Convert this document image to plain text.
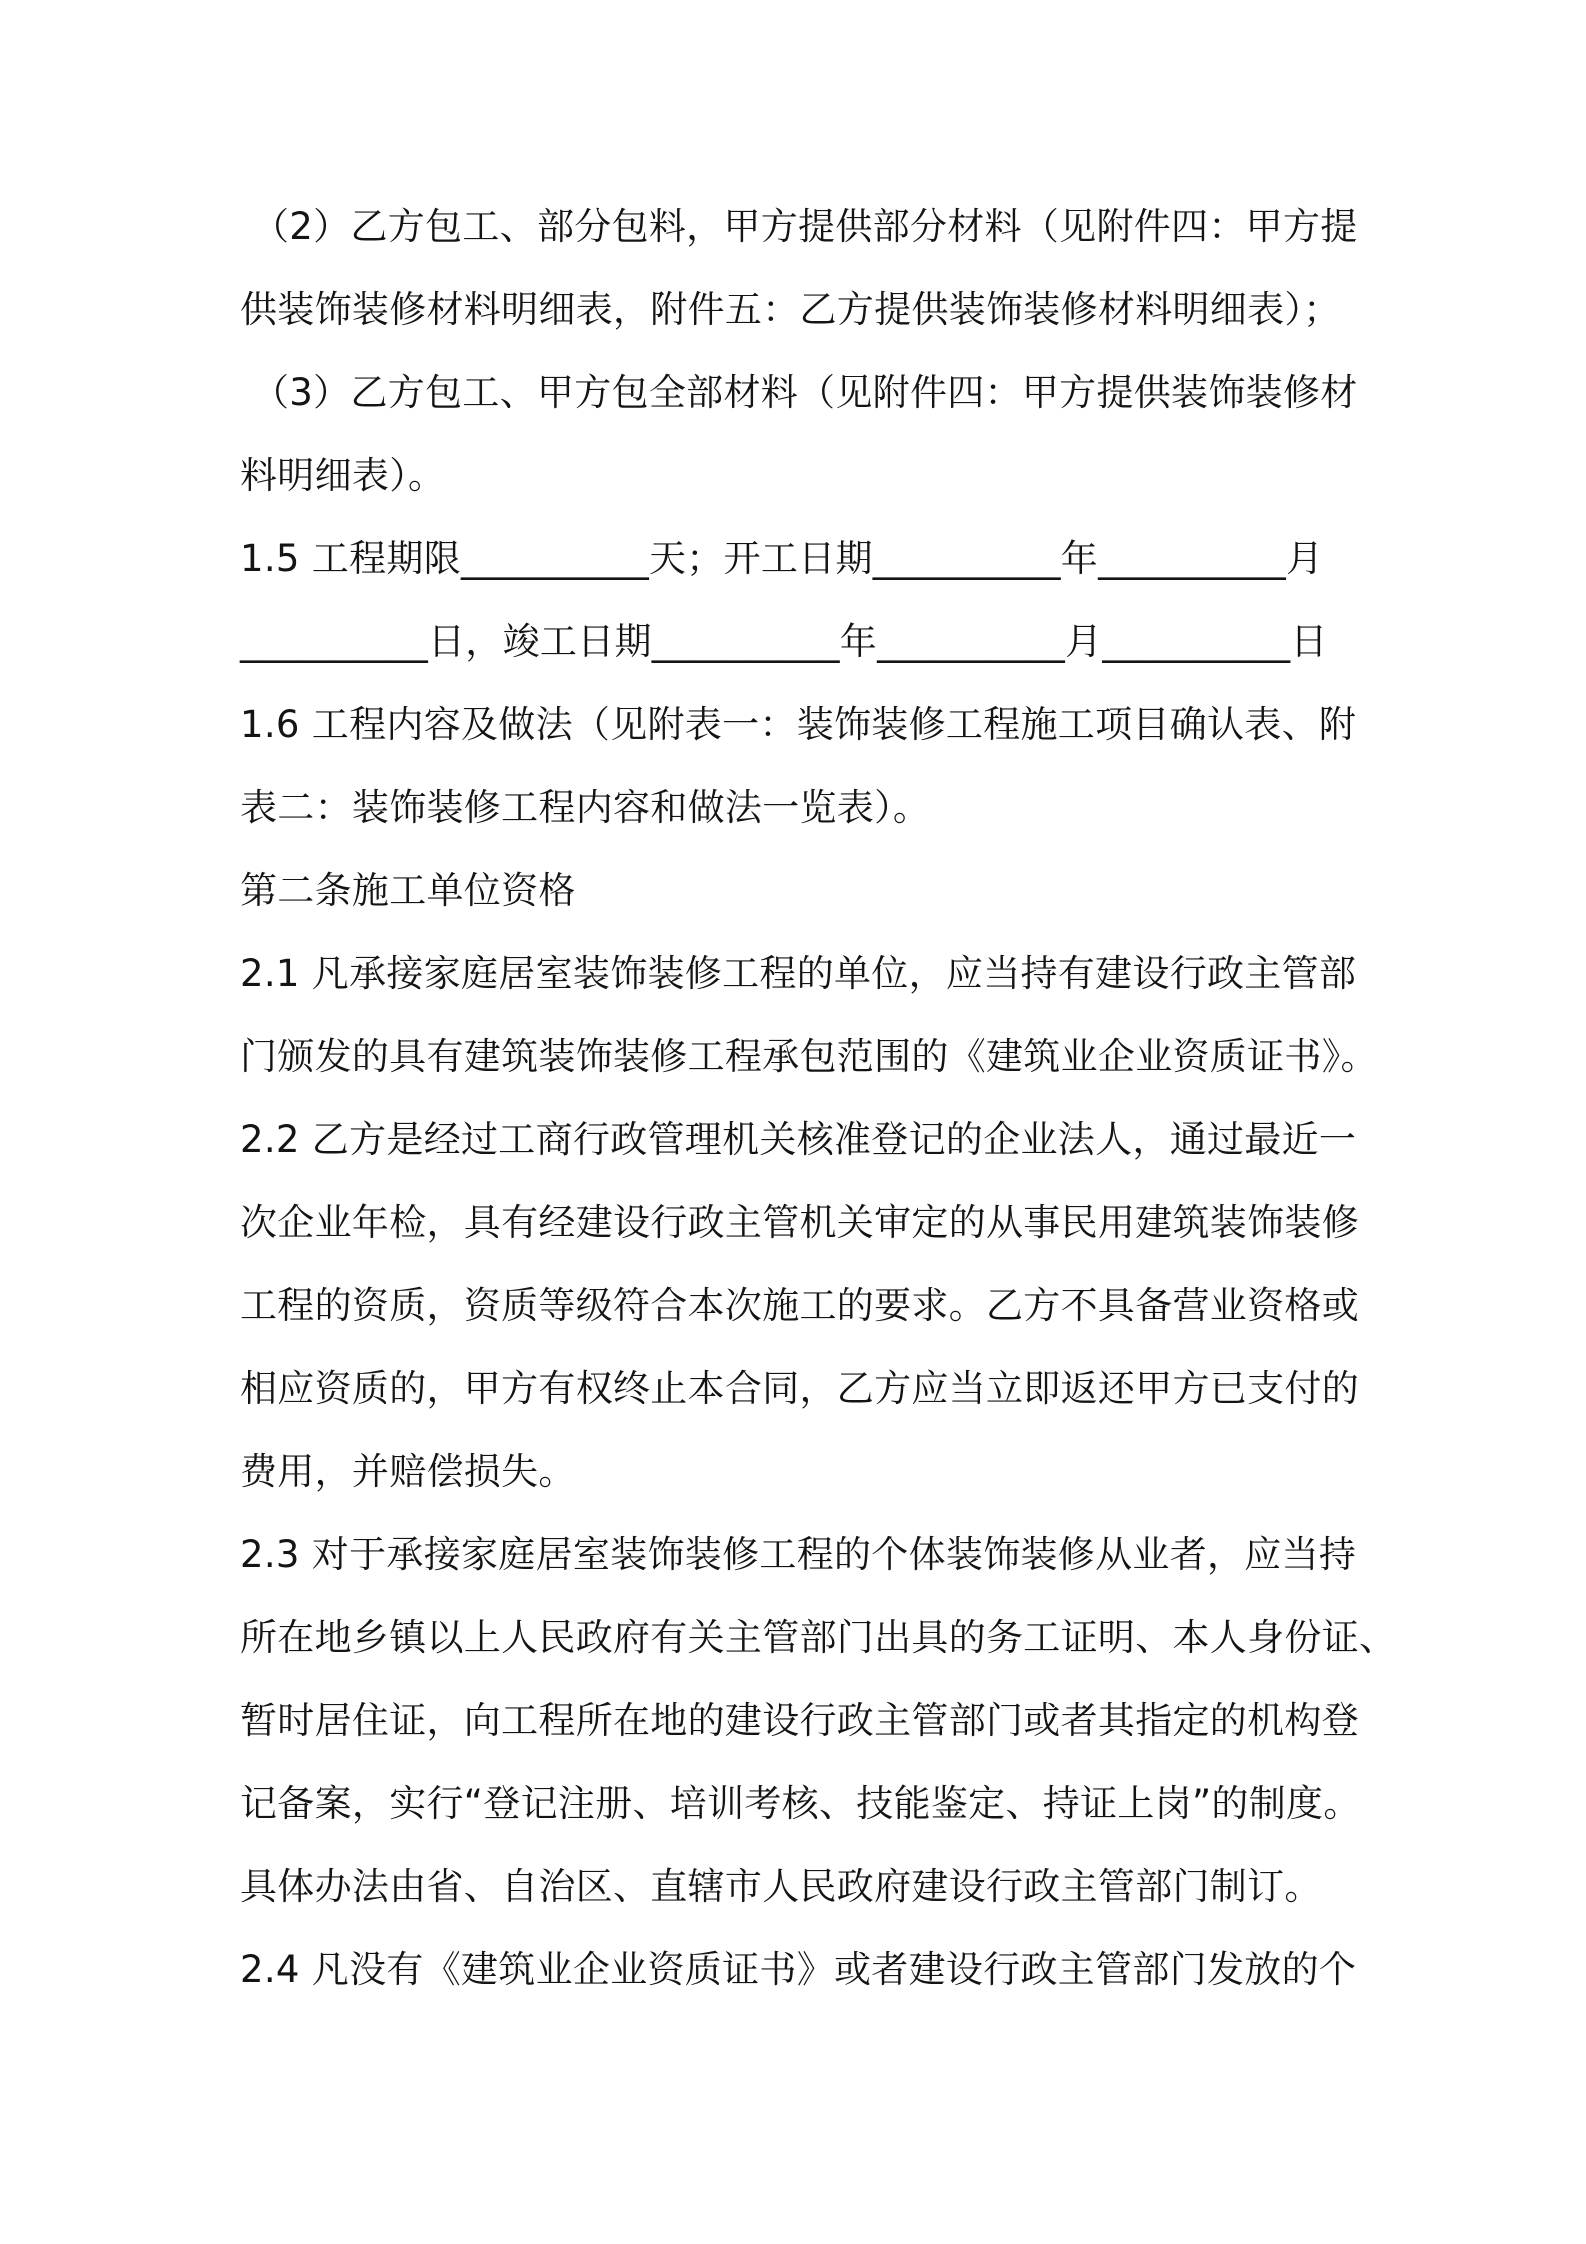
（2）乙方包工、部分包料，甲方提供部分材料（见附件四：甲方提

供装饰装修材料明细表，附件五：乙方提供装饰装修材料明细表）；

（3）乙方包工、甲方包全部材料（见附件四：甲方提供装饰装修材

料明细表）。

1.5 工程期限__________天；开工日期__________年__________月

__________日，竣工日期__________年__________月__________日

1.6 工程内容及做法（见附表一：装饰装修工程施工项目确认表、附

表二：装饰装修工程内容和做法一览表）。

第二条施工单位资格

2.1 凡承接家庭居室装饰装修工程的单位，应当持有建设行政主管部

门颁发的具有建筑装饰装修工程承包范围的《建筑业企业资质证书》。

2.2 乙方是经过工商行政管理机关核准登记的企业法人，通过最近一

次企业年检，具有经建设行政主管机关审定的从事民用建筑装饰装修

工程的资质，资质等级符合本次施工的要求。乙方不具备营业资格或

相应资质的，甲方有权终止本合同，乙方应当立即返还甲方已支付的

费用，并赔偿损失。

2.3 对于承接家庭居室装饰装修工程的个体装饰装修从业者，应当持

所在地乡镇以上人民政府有关主管部门出具的务工证明、本人身份证、

暂时居住证，向工程所在地的建设行政主管部门或者其指定的机构登

记备案，实行“登记注册、培训考核、技能鉴定、持证上岗”的制度。

具体办法由省、自治区、直辖市人民政府建设行政主管部门制订。

2.4 凡没有《建筑业企业资质证书》或者建设行政主管部门发放的个
